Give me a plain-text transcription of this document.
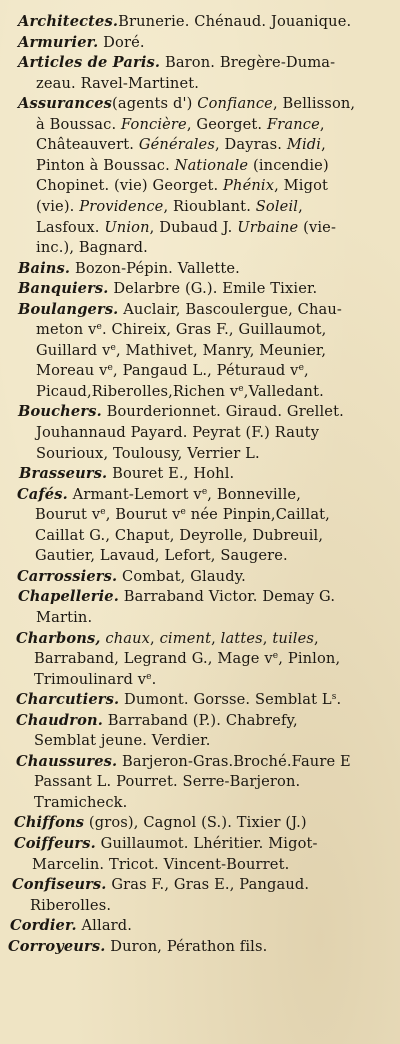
Architectes.Brunerie. Chénaud. Jouanique.
Armurier. Doré.
Articles de Paris. Baron. Bregère-Duma-
zeau. Ravel-Martinet.
Assurances(agents d') Confiance, Bellisson,
à Boussac. Foncière, Georget. France,
Châteauvert. Générales, Dayras. Midi,
Pinton à Boussac. Nationale (incendie)
Chopinet. (vie) Georget. Phénix, Migot
(vie). Providence, Rioublant. Soleil,
Lasfoux. Union, Dubaud J. Urbaine (vie-
inc.), Bagnard.
Bains. Bozon-Pépin. Vallette.
Banquiers. Delarbre (G.). Emile Tixier.
Boulangers. Auclair, Bascoulergue, Chau-
meton $v^e$. Chireix, Gras F., Guillaumot,
Guillard $v^e$, Mathivet, Manry, Meunier,
Moreau $v^e$, Pangaud L., Péturaud $v^e$,
Picaud,Riberolles,Richen $v^e,Valledant$.
Bouchers. Bourderionnet. Giraud. Grellet.
Jouhannaud Payard. Peyrat (F.) Rauty
Sourioux, Toulousy, Verrier L.
Brasseurs. Bouret E., Hohl.
Cafés. Armant-Lemort $v^e$, Bonneville,
Bourut $v^e$, Bourut $v^e$ née Pinpin,Caillat,
Caillat G., Chaput, Deyrolle, Dubreuil,
Gautier, Lavaud, Lefort, Saugere.
Carrossiers. Combat, Glaudy.
Chapellerie. Barraband Victor. Demay G.
Martin.
Charbons, chaux, ciment, lattes, tuiles,
Barraband, Legrand G., Mage $v^e$, Pinlon,
Trimoulinard $v^e$.
Charcutiers. Dumont. Gorsse. Semblat $L^s$.
Chaudron. Barraband (P.). Chabrefy,
Semblat jeune. Verdier.
Chaussures. Barjeron-Gras.Broché.Faure E
Passant L. Pourret. Serre-Barjeron.
Tramicheck.
Chiffons (gros), Cagnol (S.). Tixier (J.)
Coiffeurs. Guillaumot. Lhéritier. Migot-
Marcelin. Tricot. Vincent-Bourret.
Confiseurs. Gras F., Gras E., Pangaud.
Riberolles.
Cordier. Allard.
Corroyeurs. Duron, Pérathon fils.
